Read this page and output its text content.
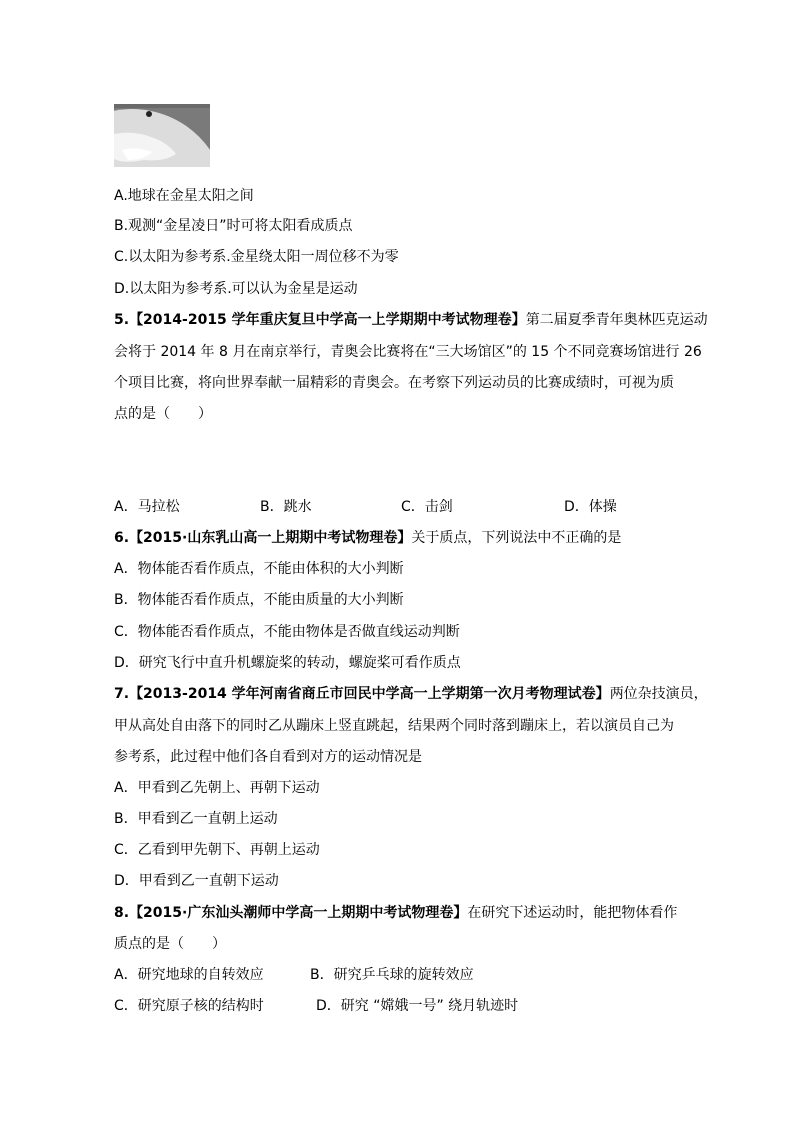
A.地球在金星太阳之间
B.观测“金星凌日”时可将太阳看成质点
C.以太阳为参考系.金星绕太阳一周位移不为零
D.以太阳为参考系.可以认为金星是运动
5.【2014-2015 学年重庆复旦中学高一上学期期中考试物理卷】第二届夏季青年奥林匹克运动
会将于 2014 年 8 月在南京举行，青奥会比赛将在“三大场馆区”的 15 个不同竞赛场馆进行 26
个项目比赛，将向世界奉献一届精彩的青奥会。在考察下列运动员的比赛成绩时，可视为质
点的是（　　）
A．马拉松	B．跳水	C．击剑	D．体操
6.【2015·山东乳山高一上期期中考试物理卷】关于质点，下列说法中不正确的是
A．物体能否看作质点，不能由体积的大小判断
B．物体能否看作质点，不能由质量的大小判断
C．物体能否看作质点，不能由物体是否做直线运动判断
D．研究飞行中直升机螺旋桨的转动，螺旋桨可看作质点
7.【2013-2014 学年河南省商丘市回民中学高一上学期第一次月考物理试卷】两位杂技演员，
甲从高处自由落下的同时乙从蹦床上竖直跳起，结果两个同时落到蹦床上，若以演员自己为
参考系，此过程中他们各自看到对方的运动情况是
A．甲看到乙先朝上、再朝下运动
B．甲看到乙一直朝上运动
C．乙看到甲先朝下、再朝上运动
D．甲看到乙一直朝下运动
8.【2015·广东汕头潮师中学高一上期期中考试物理卷】在研究下述运动时，能把物体看作
质点的是（　　）
A．研究地球的自转效应	B．研究乒乓球的旋转效应
C．研究原子核的结构时	D．研究 “嫦娥一号” 绕月轨迹时
